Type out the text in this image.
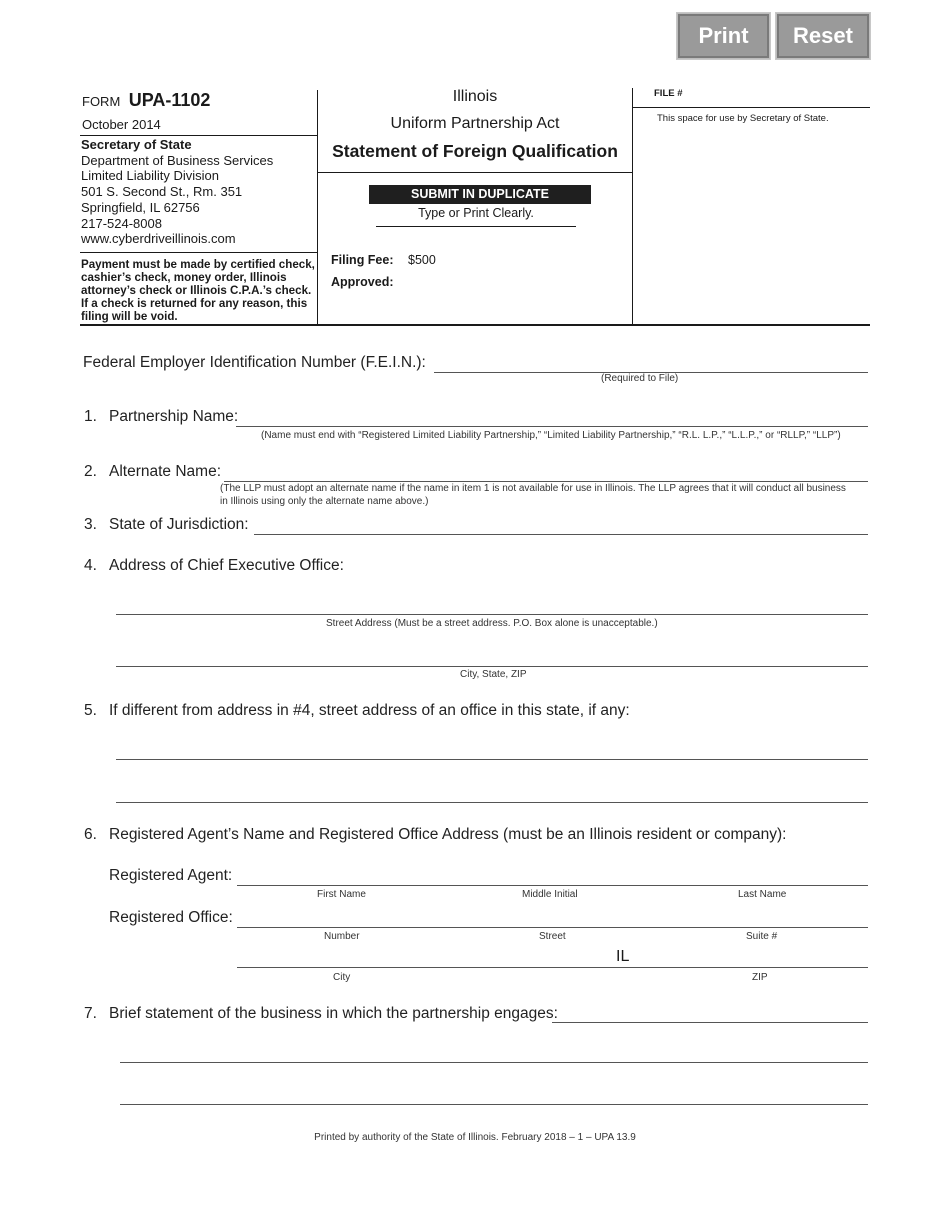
Print	Reset
FORM UPA-1102
October 2014
Secretary of State
Department of Business Services
Limited Liability Division
501 S. Second St., Rm. 351
Springfield, IL 62756
217-524-8008
www.cyberdriveillinois.com
Payment must be made by certified check, cashier’s check, money order, Illinois attorney’s check or Illinois C.P.A.’s check. If a check is returned for any reason, this filing will be void.
Illinois
Uniform Partnership Act
Statement of Foreign Qualification
SUBMIT IN DUPLICATE
Type or Print Clearly.
Filing Fee: $500
Approved:
FILE #
This space for use by Secretary of State.
Federal Employer Identification Number (F.E.I.N.):
(Required to File)
1. Partnership Name:
(Name must end with “Registered Limited Liability Partnership,” “Limited Liability Partnership,” “R.L. L.P.,” “L.L.P.,” or “RLLP,” “LLP”)
2. Alternate Name:
(The LLP must adopt an alternate name if the name in item 1 is not available for use in Illinois. The LLP agrees that it will conduct all business
in Illinois using only the alternate name above.)
3. State of Jurisdiction:
4. Address of Chief Executive Office:
Street Address (Must be a street address. P.O. Box alone is unacceptable.)
City, State, ZIP
5. If different from address in #4, street address of an office in this state, if any:
6. Registered Agent’s Name and Registered Office Address (must be an Illinois resident or company):
Registered Agent:
First Name	Middle Initial	Last Name
Registered Office:
Number	Street	Suite #
IL
City	ZIP
7. Brief statement of the business in which the partnership engages:
Printed by authority of the State of Illinois. February 2018 – 1 – UPA 13.9
